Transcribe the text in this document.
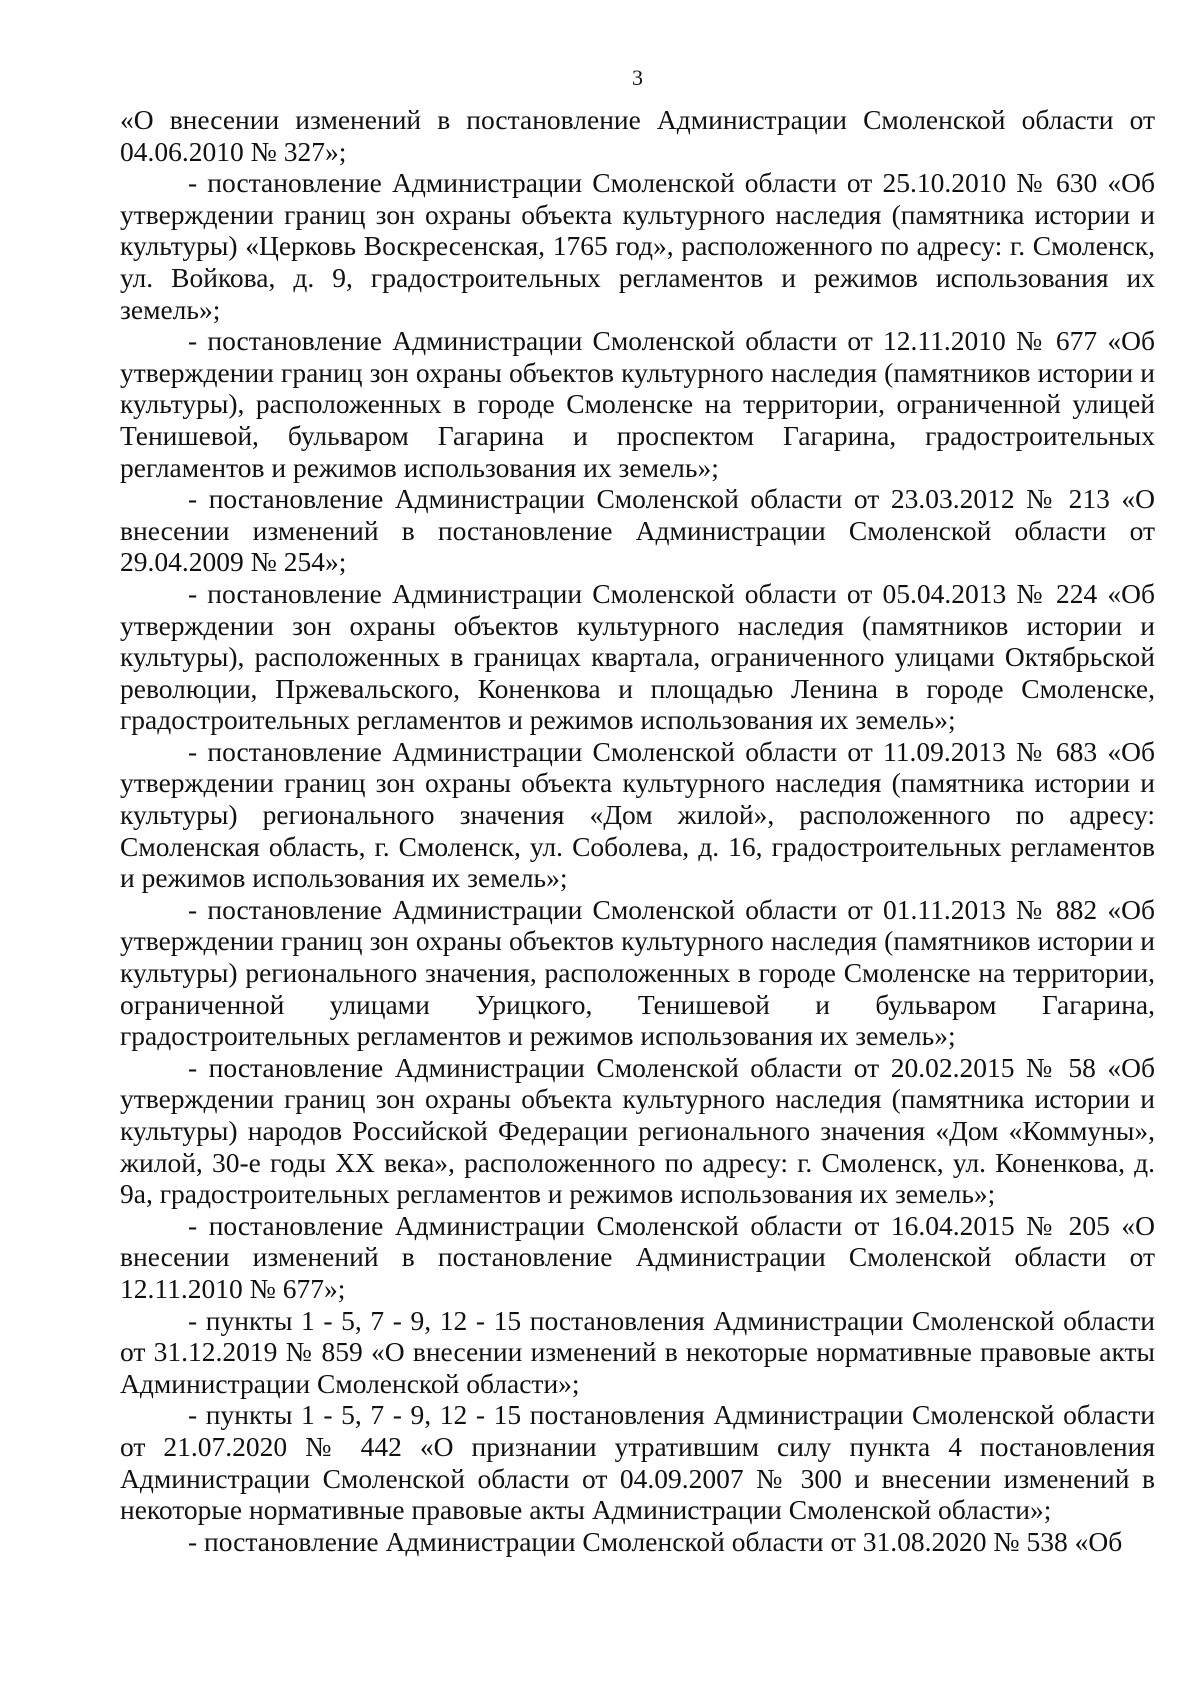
3

«О внесении изменений в постановление Администрации Смоленской области от 04.06.2010 № 327»;

- постановление Администрации Смоленской области от 25.10.2010 № 630 «Об утверждении границ зон охраны объекта культурного наследия (памятника истории и культуры) «Церковь Воскресенская, 1765 год», расположенного по адресу: г. Смоленск, ул. Войкова, д. 9, градостроительных регламентов и режимов использования их земель»;

- постановление Администрации Смоленской области от 12.11.2010 № 677 «Об утверждении границ зон охраны объектов культурного наследия (памятников истории и культуры), расположенных в городе Смоленске на территории, ограниченной улицей Тенишевой, бульваром Гагарина и проспектом Гагарина, градостроительных регламентов и режимов использования их земель»;

- постановление Администрации Смоленской области от 23.03.2012 № 213 «О внесении изменений в постановление Администрации Смоленской области от 29.04.2009 № 254»;

- постановление Администрации Смоленской области от 05.04.2013 № 224 «Об утверждении зон охраны объектов культурного наследия (памятников истории и культуры), расположенных в границах квартала, ограниченного улицами Октябрьской революции, Пржевальского, Коненкова и площадью Ленина в городе Смоленске, градостроительных регламентов и режимов использования их земель»;

- постановление Администрации Смоленской области от 11.09.2013 № 683 «Об утверждении границ зон охраны объекта культурного наследия (памятника истории и культуры) регионального значения «Дом жилой», расположенного по адресу: Смоленская область, г. Смоленск, ул. Соболева, д. 16, градостроительных регламентов и режимов использования их земель»;

- постановление Администрации Смоленской области от 01.11.2013 № 882 «Об утверждении границ зон охраны объектов культурного наследия (памятников истории и культуры) регионального значения, расположенных в городе Смоленске на территории, ограниченной улицами Урицкого, Тенишевой и бульваром Гагарина, градостроительных регламентов и режимов использования их земель»;

- постановление Администрации Смоленской области от 20.02.2015 № 58 «Об утверждении границ зон охраны объекта культурного наследия (памятника истории и культуры) народов Российской Федерации регионального значения «Дом «Коммуны», жилой, 30-е годы XX века», расположенного по адресу: г. Смоленск, ул. Коненкова, д. 9а, градостроительных регламентов и режимов использования их земель»;

- постановление Администрации Смоленской области от 16.04.2015 № 205 «О внесении изменений в постановление Администрации Смоленской области от 12.11.2010 № 677»;

- пункты 1 - 5, 7 - 9, 12 - 15 постановления Администрации Смоленской области от 31.12.2019 № 859 «О внесении изменений в некоторые нормативные правовые акты Администрации Смоленской области»;

- пункты 1 - 5, 7 - 9, 12 - 15 постановления Администрации Смоленской области от 21.07.2020 № 442 «О признании утратившим силу пункта 4 постановления Администрации Смоленской области от 04.09.2007 № 300 и внесении изменений в некоторые нормативные правовые акты Администрации Смоленской области»;

- постановление Администрации Смоленской области от 31.08.2020 № 538 «Об
